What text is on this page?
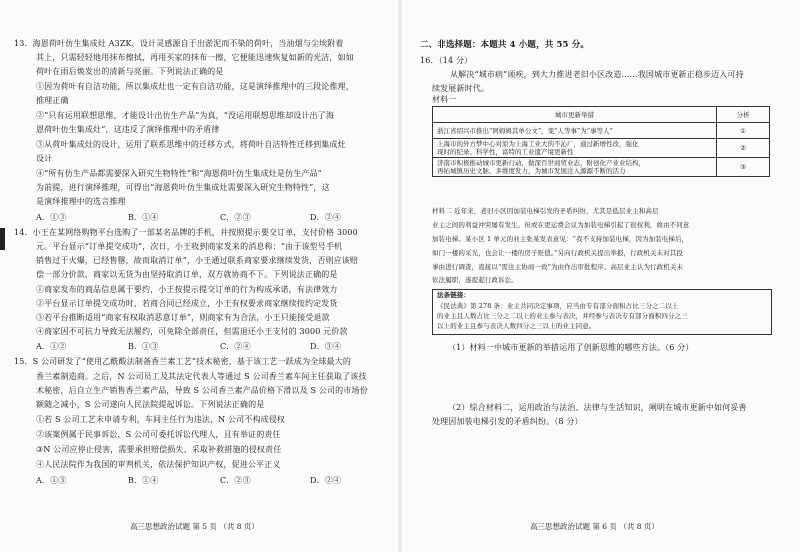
13．海恩荷叶仿生集成灶 A3ZK，设计灵感源自于出淤泥而不染的荷叶，当油烟与尘埃附着
其上，只需轻轻地用抹布擦拭，再用买家的抹布一擦，它便能迅速恢复如新的光洁，如如
荷叶在雨后焕发出的清新与亮丽。下列说法正确的是
①因为荷叶有自洁功能，所以集成灶也一定有自洁功能，这是演绎推理中的三段论推理，
推理正确
②“只有运用联想思维，才能设计出仿生产品”为真，“没运用联想思维却设计出了海
恩荷叶仿生集成灶”，这违反了演绎推理中的矛盾律
③从荷叶集成灶的设计，运用了联系思维中的迁移方式，将荷叶自洁特性迁移到集成灶
设计
④“所有仿生产品都需要深入研究生物特性”和“海恩荷叶仿生集成灶是仿生产品”
为前提，进行演绎推理，可得出“海恩荷叶仿生集成灶需要深入研究生物特性”，这
是演绎推理中的选言推理
A．①③	B．①④	C．②③	D．②④
14．小王在某网络购物平台选购了一部某名品牌的手机，并按照提示要交订单，支付价格 3000
元。平台显示“订单提交成功”，次日，小王收到商家发来的消息称：“由于该型号手机
销售过于火爆，已经售罄，故而取消订单”，小王通过联系商家要求继续发货，否则应该赔
偿一部分价款，商家以无货为由坚持取消订单，双方就协商不下。下列说法正确的是
①商家发布的商品信息属于要约，小王按提示提交订单的行为构成承诺，有法律效力
②平台显示订单提交成功时，若商合同已经成立，小王有权要求商家继续按约定发货
③若平台推断适用“商家有权取消恶意订单”，则商家有为合法，小王只能接受退款
④商家因不可抗力导致无法履约，可免除全部责任，但需退还小王支付的 3000 元价款
A．①②	B．①③	C．②④	D．③④
15．S 公司研发了“使用乙酰酸法制备香兰素工艺”技术秘密，基于该工艺一跃成为全球最大的
香兰素制造商。之后，N 公司员工及其法定代表人等通过 S 公司香兰素车间主任获取了该技
术秘密，后自立生产销售香兰素产品，导致 S 公司香兰素产品价格下滑以及 S 公司的市场份
额随之减小，S 公司遂向人民法院提起诉讼。下列说法正确的是
①若 S 公司工艺未申请专利，车间主任行为违法，N 公司不构成侵权
②该案例属于民事诉讼，S 公司可委托诉讼代理人，且有举证的责任
③N 公司应停止侵害，需要承担赔偿损失、采取补救措施的侵权责任
④人民法院作为我国的审判机关，依法保护知识产权，促进公平正义
A．①③	B．①④	C．②③	D．②④
高三思想政治试题 第 5 页 （共 8 页）
二、非选择题：本题共 4 小题，共 55 分。
16．（14 分）
从解决“城市病”顽疾，到大力推进老旧小区改造……我国城市更新正稳步迈入可持
续发展新时代。
材料一
城市更新举措	分析
浙江省绍兴市推出“阿姆姆其单公文”，变“人等事”为“事等人”	①

上海市的外方梦中心对原为上海工业大的不沁厂，通过新增性改，强化
现时的纪录、科学性，富特的工业遗产境更新性	②

济南市积极推动城市更新行动，做深百世商贸业态，附创化产业业结构，
再拓城镇历史文脉，多维度发力，为城市发展注入源源不断的活力	③
材料二 近年来，老旧小区因加装电梯引发的矛盾纠纷，尤其是低层业主和高层
业主之间的利益冲突屡有发生。但或在更运费会议为加装电梯引起了很权利，故由不同意
加装电梯。某小区 1 单元的业主张某发表意见：“我不支持加装电梯，因为加装电梯后，
如门一楼的采光，也会让一楼的房子贬值。”另向行政机关提出举报，行政机关未对其投
事由进行调查，直接以“需注主协商一致”为由作出审批程序。高层业主认为行政机关未
依法履职，遂提起行政诉讼。
法条链接：
《民法典》第 278 条：业主共同决定事项，应当由专有部分面积占比三分之二以上
的业主且人数占比三分之二以上的业主参与表决，并经参与表决专有部分面积四分之三
以上的业主且参与表决人数四分之三以上的业主同意。
（1）材料一中城市更新的举措运用了创新思维的哪些方法。（6 分）
（2）综合材料二，运用政治与法治、法律与生活知识，阐明在城市更新中如何妥善
处理因加装电梯引发的矛盾纠纷。（8 分）
高三思想政治试题 第 6 页 （共 8 页）
